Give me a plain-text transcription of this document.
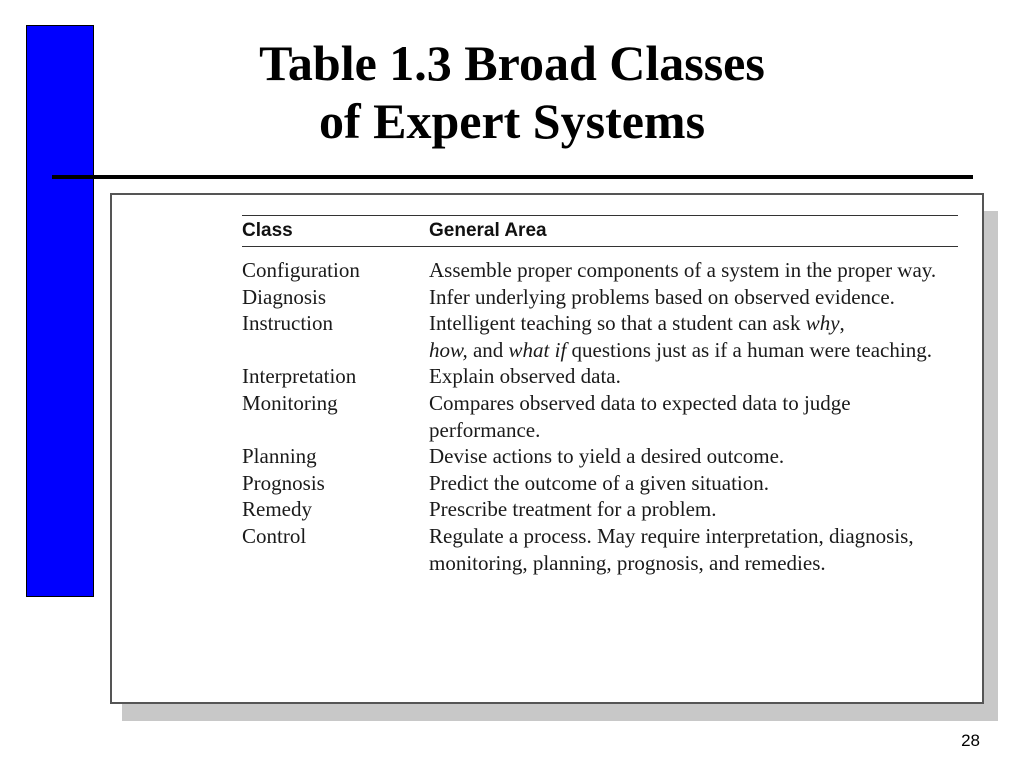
Table 1.3 Broad Classes
of Expert Systems
Class	General Area
Configuration	Assemble proper components of a system in the proper way.
Diagnosis	Infer underlying problems based on observed evidence.
Instruction	Intelligent teaching so that a student can ask why,
how, and what if questions just as if a human were teaching.
Interpretation	Explain observed data.
Monitoring	Compares observed data to expected data to judge performance.
Planning	Devise actions to yield a desired outcome.
Prognosis	Predict the outcome of a given situation.
Remedy	Prescribe treatment for a problem.
Control	Regulate a process. May require interpretation, diagnosis, monitoring, planning, prognosis, and remedies.
28
